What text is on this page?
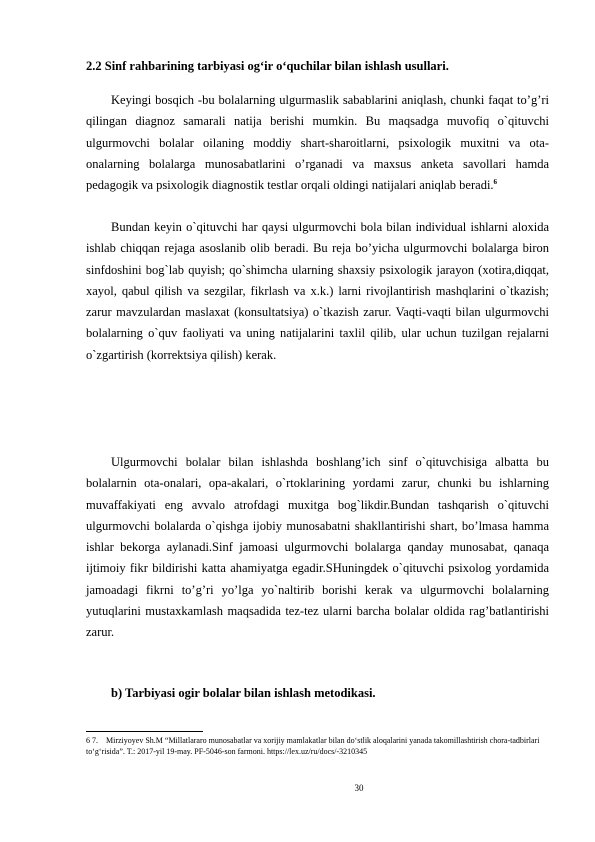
2.2 Sinf rahbarining tarbiyasi og‘ir o‘quchilar bilan ishlash usullari.

Keyingi bosqich -bu bolalarning ulgurmaslik sabablarini aniqlash, chunki faqat to’g’ri qilingan diagnoz samarali natija berishi mumkin. Bu maqsadga muvofiq o`qituvchi ulgurmovchi bolalar oilaning moddiy shart-sharoitlarni, psixologik muxitni va ota-onalarning bolalarga munosabatlarini o’rganadi va maxsus anketa savollari hamda pedagogik va psixologik diagnostik testlar orqali oldingi natijalari aniqlab beradi.$^6$

Bundan keyin o`qituvchi har qaysi ulgurmovchi bola bilan individual ishlarni aloxida ishlab chiqqan rejaga asoslanib olib beradi. Bu reja bo’yicha ulgurmovchi bolalarga biron sinfdoshini bog`lab quyish; qo`shimcha ularning shaxsiy psixologik jarayon (xotira,diqqat, xayol, qabul qilish va sezgilar, fikrlash va x.k.) larni rivojlantirish mashqlarini o`tkazish; zarur mavzulardan maslaxat (konsultatsiya) o`tkazish zarur. Vaqti-vaqti bilan ulgurmovchi bolalarning o`quv faoliyati va uning natijalarini taxlil qilib, ular uchun tuzilgan rejalarni o`zgartirish (korrektsiya qilish) kerak.

Ulgurmovchi bolalar bilan ishlashda boshlang’ich sinf o`qituvchisiga albatta bu bolalarnin ota-onalari, opa-akalari, o`rtoklarining yordami zarur, chunki bu ishlarning muvaffakiyati eng avvalo atrofdagi muxitga bog`likdir.Bundan tashqarish o`qituvchi ulgurmovchi bolalarda o`qishga ijobiy munosabatni shakllantirishi shart, bo’lmasa hamma ishlar bekorga aylanadi.Sinf jamoasi ulgurmovchi bolalarga qanday munosabat, qanaqa ijtimoiy fikr bildirishi katta ahamiyatga egadir.SHuningdek o`qituvchi psixolog yordamida jamoadagi fikrni to’g’ri yo’lga yo`naltirib borishi kerak va ulgurmovchi bolalarning yutuqlarini mustaxkamlash maqsadida tez-tez ularni barcha bolalar oldida rag’batlantirishi zarur.

b) Tarbiyasi ogir bolalar bilan ishlash metodikasi.
6 7. Mirziyoyev Sh.M “Millatlararo munosabatlar va xorijiy mamlakatlar bilan do‘stlik aloqalarini yanada takomillashtirish chora-tadbirlari to‘g‘risida”. T.: 2017-yil 19-may. PF-5046-son farmoni. https://lex.uz/ru/docs/-3210345
30
